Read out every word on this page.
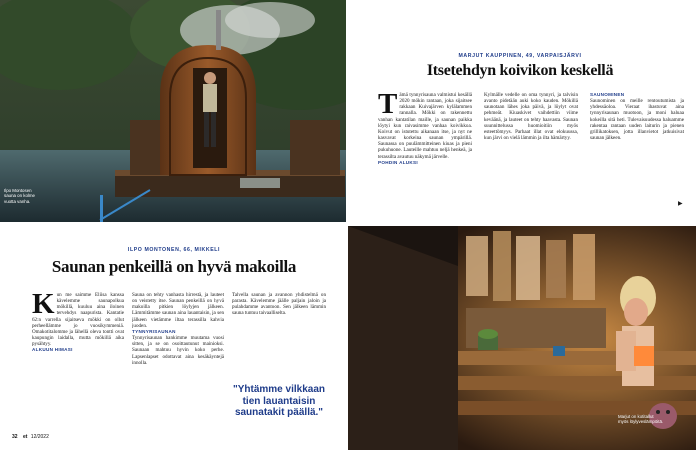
Ilpo Montosen
sauna on kolme
vuotta vanha.
MARJUT KAUPPINEN, 49, VARPAISJÄRVI
Itsetehdyn koivikon keskellä
T ämä tynnyrisauna valmistui kesällä 2020 mökin rantaan, joka sijaitsee rakkaan Kuivajärven kylälammen rannalla. Mökki on rakennettu vanhan kantatilan maille, ja saunan paikka löytyi kun raivasimme vanhaa koivikkoa. Koivut on istutettu aikanaan itse, ja nyt ne kasvavat korkeina saunan ympärillä. Saunassa on puulämmitteinen kiuas ja pieni pukuhuone. Lauteille mahtuu neljä henkeä, ja terassilta avautuu näkymä järvelle.

POHDIN ALUKSI

Kylmälle vedelle on oma tynnyri, ja talvisin avanto pidetään auki koko kauden. Mökillä saunotaan lähes joka päivä, ja löylyt ovat pehmeät. Kiuaskivet vaihdettiin viime keväänä, ja lauteet on tehty haavasta. Saunan suunnittelussa huomioitiin myös esteettömyys. Parhaat illat ovat elokuussa, kun järvi on vielä lämmin ja ilta hämärtyy.

SAUNOMINEN

Saunominen on meille rentoutumista ja yhdessäoloa. Vieraat ihastuvat aina tynnyrisaunan muotoon, ja moni haluaa kokeilla sitä heti. Tulevaisuudessa haluamme rakentaa rantaan uuden laiturin ja pienen grillikatoksen, jotta illanvietot jatkuisivat saunan jälkeen.

▶
ILPO MONTONEN, 66, MIKKELI
Saunan penkeillä on hyvä makoilla
K un me saimme Eliisa kanssa kävelemme saunapolkua mökillä, kuuluu aina iloinen tervehdys naapurista. Kantatie 62:n varrella sijaitseva mökki on ollut perheellämme jo vuosikymmeniä. Omakotitalomme ja lähellä oleva tontti ovat kaupungin laidalla, mutta mökillä aika pysähtyy.

ALKUUN HIMASI

Sauna on tehty vanhasta hirrestä, ja lauteet on veistetty itse. Saunan penkeillä on hyvä makoilla pitkien löylyjen jälkeen. Lämmitämme saunan aina lauantaisin, ja sen jälkeen vietämme iltaa terassilla kahvia juoden.

TYNNYRISAUNAN

Tynnyrisaunan hankimme muutama vuosi sitten, ja se on osoittautunut mainioksi. Saunaan mahtuu hyvin koko perhe. Lapsenlapset odottavat aina kesäkäyntejä innolla.

Talvella saunan ja avannon yhdistelmä on parasta. Kävelemme jäälle paljain jaloin ja pulahdamme avantoon. Sen jälkeen lämmin sauna tuntuu taivaalliselta.

"Yhtämme vilkkaan tien lauantaisin saunatakit päällä."
32 et 12/2022
Marjut on kotitallut
myös löylyveslämpöitä.
